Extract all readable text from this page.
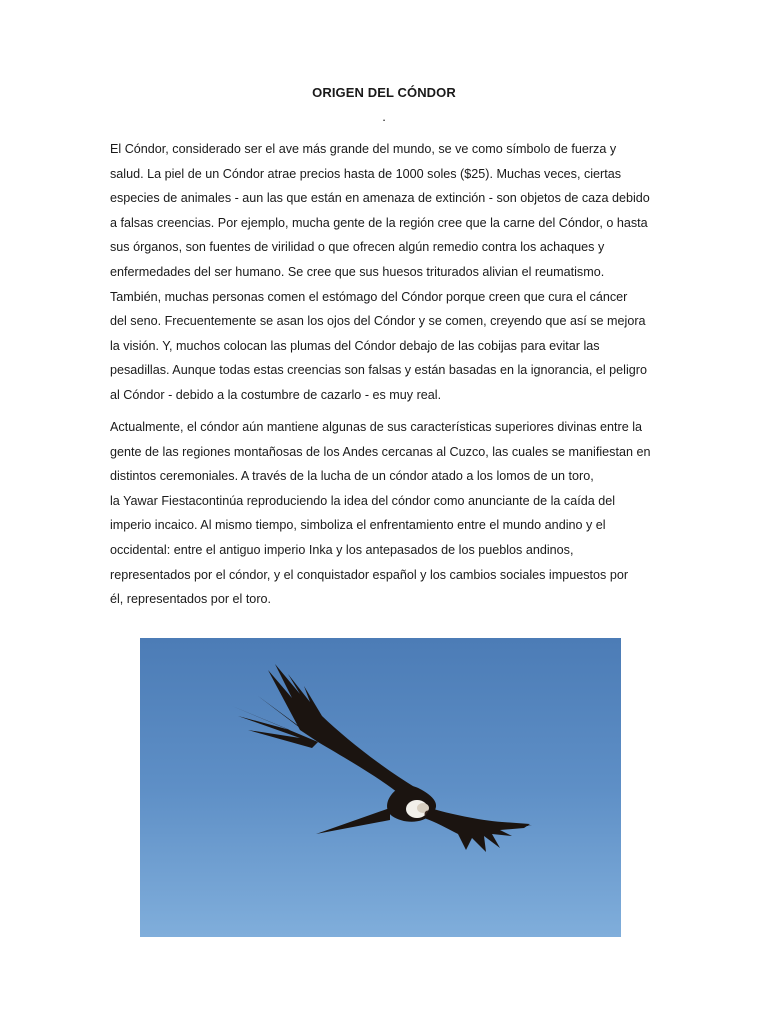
ORIGEN DEL CÓNDOR
.

El Cóndor, considerado ser el ave más grande del mundo, se ve como símbolo de fuerza y
salud. La piel de un Cóndor atrae precios hasta de 1000 soles ($25). Muchas veces, ciertas
especies de animales - aun las que están en amenaza de extinción - son objetos de caza debido
a falsas creencias. Por ejemplo, mucha gente de la región cree que la carne del Cóndor, o hasta
sus órganos, son fuentes de virilidad o que ofrecen algún remedio contra los achaques y
enfermedades del ser humano. Se cree que sus huesos triturados alivian el reumatismo.
También, muchas personas comen el estómago del Cóndor porque creen que cura el cáncer
del seno. Frecuentemente se asan los ojos del Cóndor y se comen, creyendo que así se mejora
la visión. Y, muchos colocan las plumas del Cóndor debajo de las cobijas para evitar las
pesadillas. Aunque todas estas creencias son falsas y están basadas en la ignorancia, el peligro
al Cóndor - debido a la costumbre de cazarlo - es muy real.

Actualmente, el cóndor aún mantiene algunas de sus características superiores divinas entre la
gente de las regiones montañosas de los Andes cercanas al Cuzco, las cuales se manifiestan en
distintos ceremoniales. A través de la lucha de un cóndor atado a los lomos de un toro,
la Yawar Fiestacontinúa reproduciendo la idea del cóndor como anunciante de la caída del
imperio incaico. Al mismo tiempo, simboliza el enfrentamiento entre el mundo andino y el
occidental: entre el antiguo imperio Inka y los antepasados de los pueblos andinos,
representados por el cóndor, y el conquistador español y los cambios sociales impuestos por
él, representados por el toro.
